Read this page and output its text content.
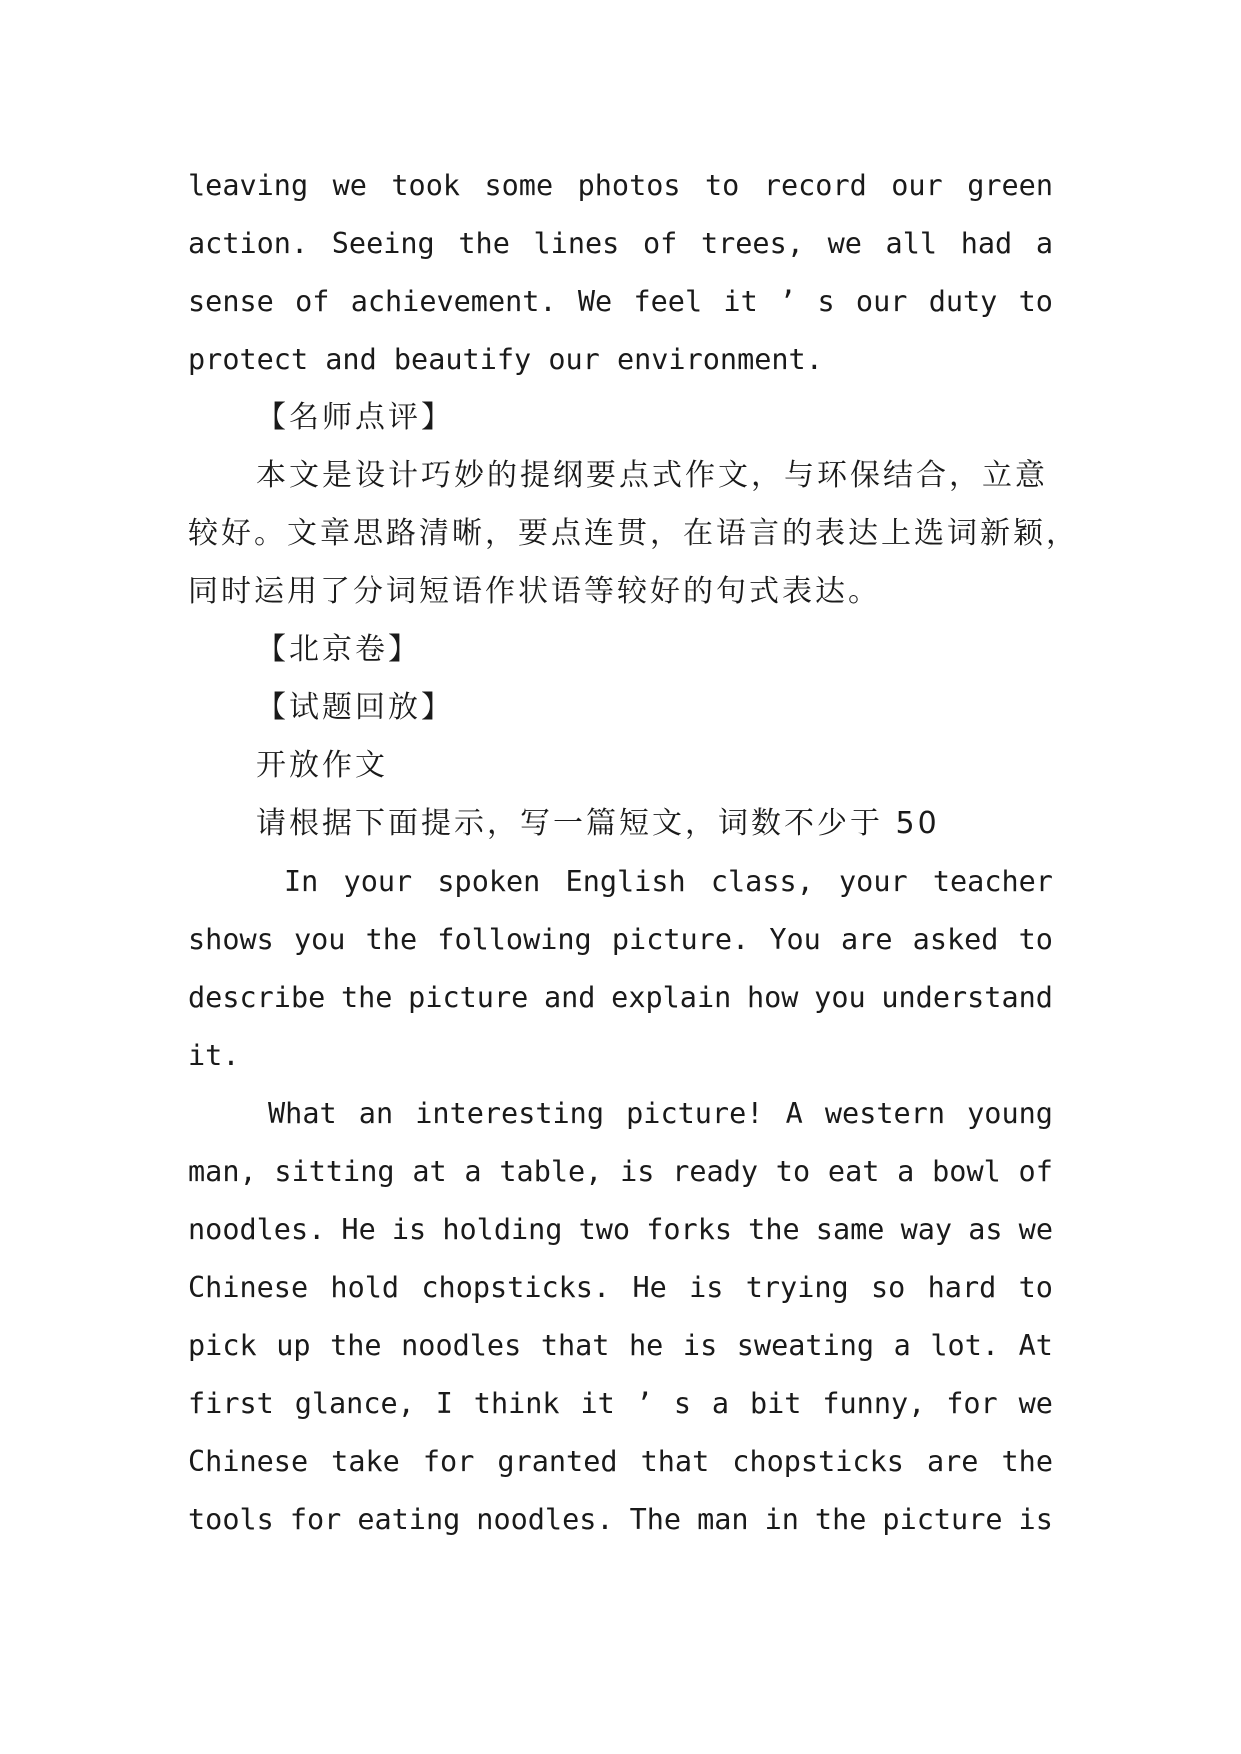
leaving we took some photos to record our green
action. Seeing the lines of trees, we all had a
sense of achievement. We feel it ’ s our duty to
protect and beautify our environment.
【名师点评】
本文是设计巧妙的提纲要点式作文，与环保结合，立意
较好。文章思路清晰，要点连贯，在语言的表达上选词新颖，
同时运用了分词短语作状语等较好的句式表达。
【北京卷】
【试题回放】
开放作文
请根据下面提示，写一篇短文，词数不少于 50
In your spoken English class, your teacher
shows you the following picture. You are asked to
describe the picture and explain how you understand
it.
What an interesting picture! A western young
man, sitting at a table, is ready to eat a bowl of
noodles. He is holding two forks the same way as we
Chinese hold chopsticks. He is trying so hard to
pick up the noodles that he is sweating a lot. At
first glance, I think it ’ s a bit funny, for we
Chinese take for granted that chopsticks are the
tools for eating noodles. The man in the picture is
